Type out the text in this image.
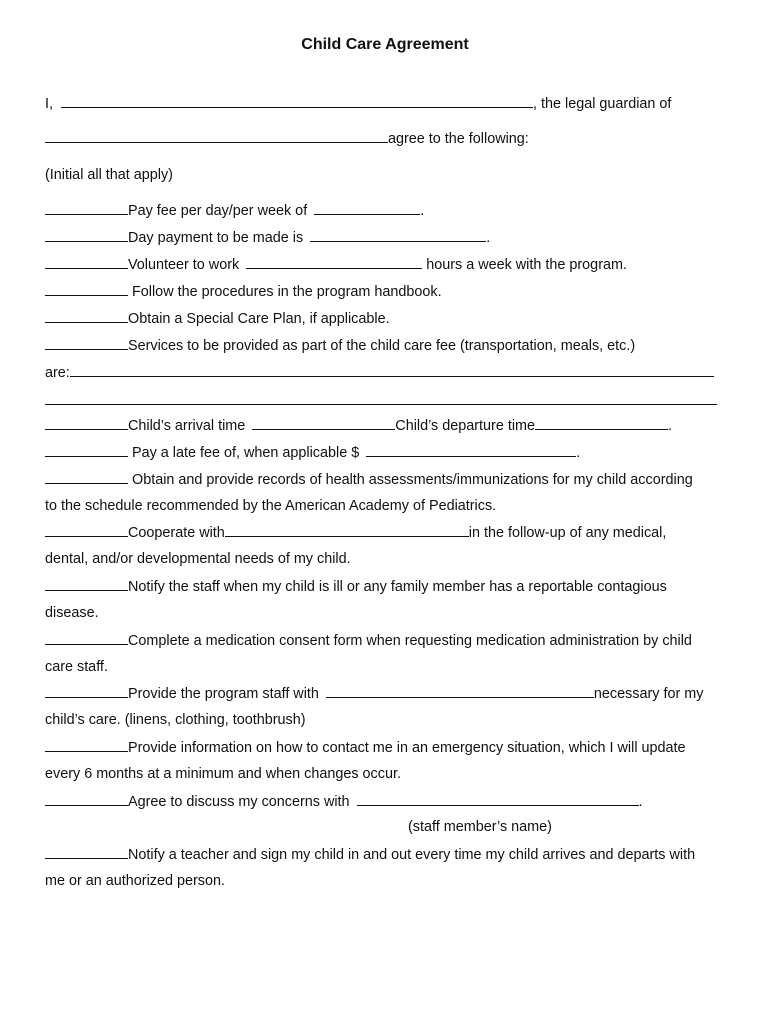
Child Care Agreement
I,	, the legal guardian of
agree to the following:
(Initial all that apply)
Pay fee per day/per week of	.
Day payment to be made is	.
Volunteer to work	hours a week with the program.
Follow the procedures in the program handbook.
Obtain a Special Care Plan, if applicable.
Services to be provided as part of the child care fee (transportation, meals, etc.)
are:
Child’s arrival time	Child’s departure time	.
Pay a late fee of, when applicable $	.
Obtain and provide records of health assessments/immunizations for my child according
to the schedule recommended by the American Academy of Pediatrics.
Cooperate with	in the follow-up of any medical,
dental, and/or developmental needs of my child.
Notify the staff when my child is ill or any family member has a reportable contagious
disease.
Complete a medication consent form when requesting medication administration by child
care staff.
Provide the program staff with	necessary for my
child’s care. (linens, clothing, toothbrush)
Provide information on how to contact me in an emergency situation, which I will update
every 6 months at a minimum and when changes occur.
Agree to discuss my concerns with	.
(staff member’s name)
Notify a teacher and sign my child in and out every time my child arrives and departs with
me or an authorized person.
